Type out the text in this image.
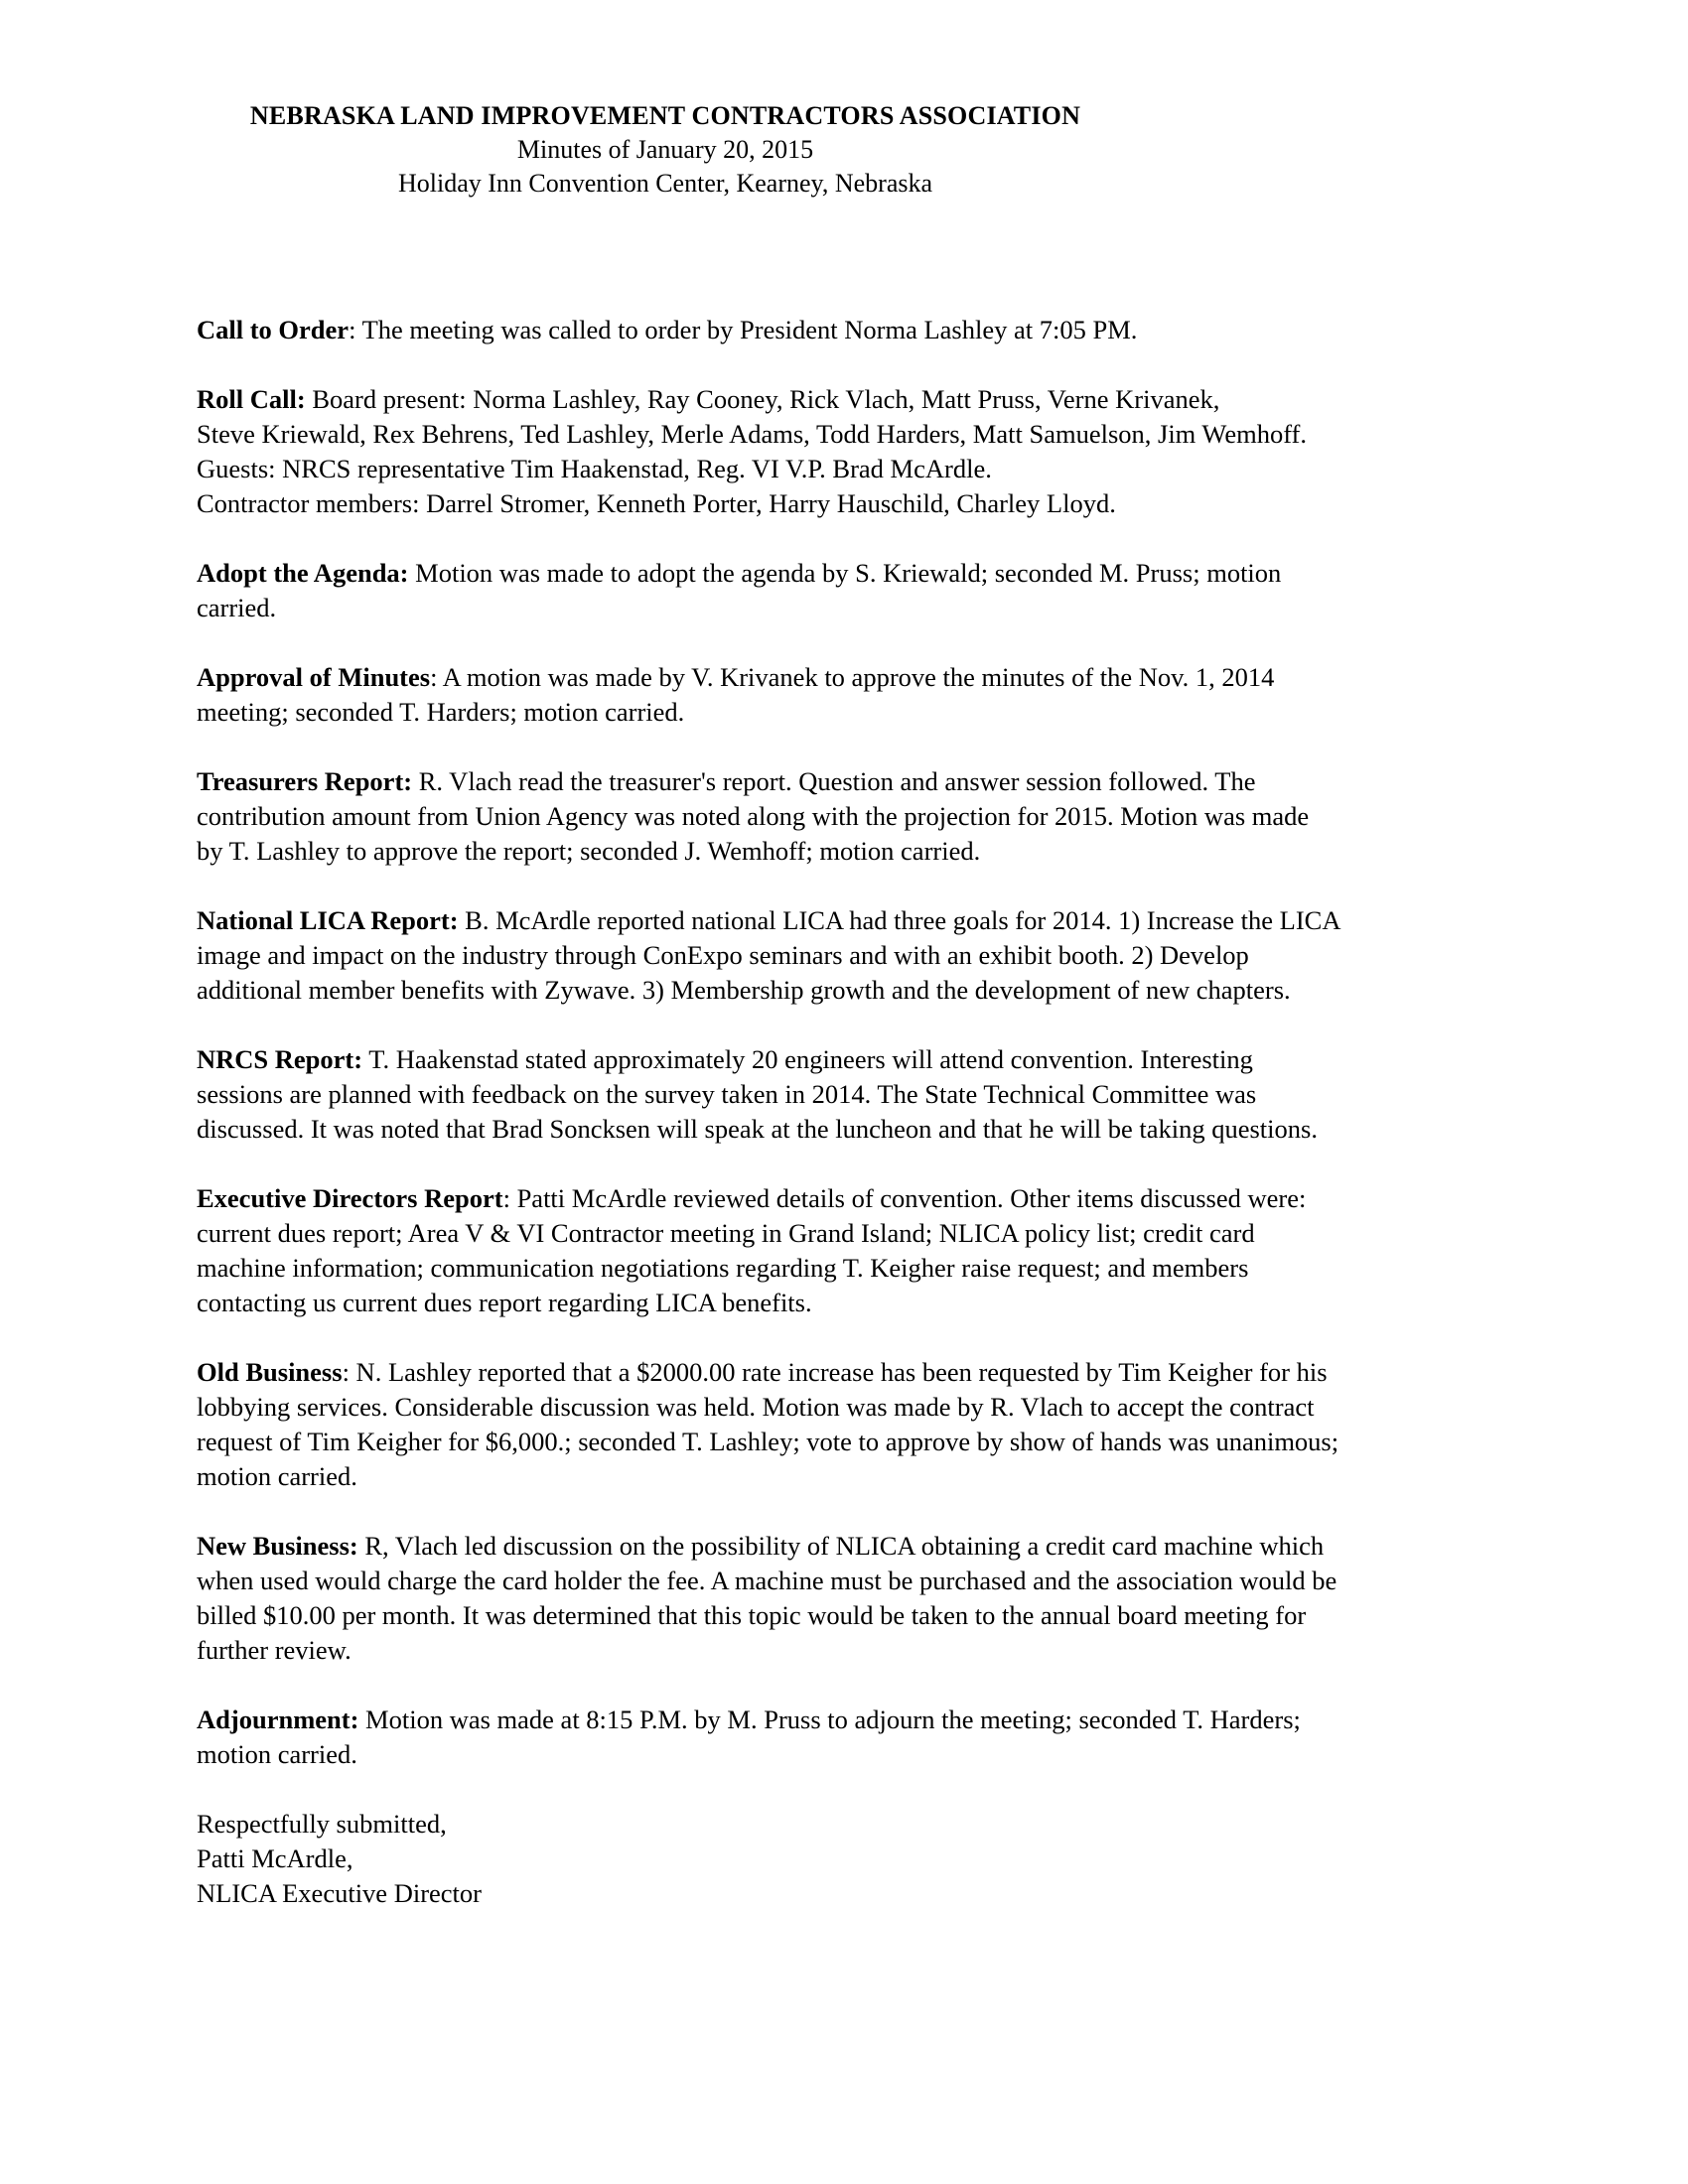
NEBRASKA LAND IMPROVEMENT CONTRACTORS ASSOCIATION
Minutes of January 20, 2015
Holiday Inn Convention Center, Kearney, Nebraska
Call to Order: The meeting was called to order by President Norma Lashley at 7:05 PM.
Roll Call: Board present: Norma Lashley, Ray Cooney, Rick Vlach, Matt Pruss, Verne Krivanek,
Steve Kriewald, Rex Behrens, Ted Lashley, Merle Adams, Todd Harders, Matt Samuelson, Jim Wemhoff.
Guests: NRCS representative Tim Haakenstad, Reg. VI V.P. Brad McArdle.
Contractor members: Darrel Stromer, Kenneth Porter, Harry Hauschild, Charley Lloyd.
Adopt the Agenda: Motion was made to adopt the agenda by S. Kriewald; seconded M. Pruss; motion
carried.
Approval of Minutes: A motion was made by V. Krivanek to approve the minutes of the Nov. 1, 2014
meeting; seconded T. Harders; motion carried.
Treasurers Report: R. Vlach read the treasurer's report. Question and answer session followed. The
contribution amount from Union Agency was noted along with the projection for 2015. Motion was made
by T. Lashley to approve the report; seconded J. Wemhoff; motion carried.
National LICA Report: B. McArdle reported national LICA had three goals for 2014. 1) Increase the LICA
image and impact on the industry through ConExpo seminars and with an exhibit booth. 2) Develop
additional member benefits with Zywave. 3) Membership growth and the development of new chapters.
NRCS Report: T. Haakenstad stated approximately 20 engineers will attend convention. Interesting
sessions are planned with feedback on the survey taken in 2014. The State Technical Committee was
discussed. It was noted that Brad Soncksen will speak at the luncheon and that he will be taking questions.
Executive Directors Report: Patti McArdle reviewed details of convention. Other items discussed were:
current dues report; Area V & VI Contractor meeting in Grand Island; NLICA policy list; credit card
machine information; communication negotiations regarding T. Keigher raise request; and members
contacting us current dues report regarding LICA benefits.
Old Business: N. Lashley reported that a $2000.00 rate increase has been requested by Tim Keigher for his
lobbying services. Considerable discussion was held. Motion was made by R. Vlach to accept the contract
request of Tim Keigher for $6,000.; seconded T. Lashley; vote to approve by show of hands was unanimous;
motion carried.
New Business: R, Vlach led discussion on the possibility of NLICA obtaining a credit card machine which
when used would charge the card holder the fee. A machine must be purchased and the association would be
billed $10.00 per month. It was determined that this topic would be taken to the annual board meeting for
further review.
Adjournment: Motion was made at 8:15 P.M. by M. Pruss to adjourn the meeting; seconded T. Harders;
motion carried.
Respectfully submitted,
Patti McArdle,
NLICA Executive Director
